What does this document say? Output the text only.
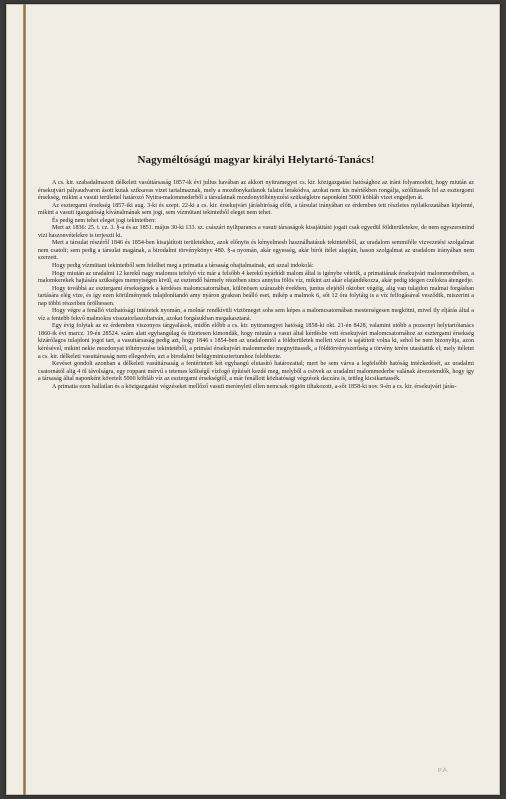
Nagyméltóságú magyar királyi Helytartó-Tanács!

A cs. kir. szabadalmazott délkeleti vasúttársaság 1857-ik évi julius havában az akkori nyitramegyei cs. kir. közigazgatási hatósághoz az iránt folyamodott, hogy miután az érsekujvári pályaudvaron ásott kutak sziksavas vizet tartalmaznak, mely a mozdonykatlanok falaira lerakódva, azokat nem kis mértékben rongálja, szólíttassék fel az esztergomi érsekség, mikint a vasuti területtel határozó Nyitra-malommederből a társulatnak mozdonytöltényezési szükségletre naponként 5000 köbláb vizet engedjen át.

Az esztergami érsekség 1857-iki aug. 3-ki és szept. 22-ki a cs. kir. érsekujvári járásbiróság előtt, a társulat irányában ez érdemben tett részletes nyilatkozatában kijelenté, mikint a vasuti igazgatóság kívánalmának sem jogi, sem vízmütani tekintetből eleget nem tehet.

És pedig nem tehet eleget jogi tekintetben:

Mert az 1836: 25. t. cz. 3. §-a és az 1851. május 30-ki 133. sz. császári nyiltparancs a vasuti társaságok kisajátitási jogait csak egyedül földterületekre, de nem egyszersmind vizi haszonvételekre is terjeszti ki.

Mert a társulat részéről 1846 és 1854-ben kisajátított területekhez, azok előnyös és kényelmesb használhatásuk tekintetéből, az uradalom semmiféle vizvezetési szolgalmat nem csatolt; sem pedig a társulat magának, a birodalmi törvénykönyv 480. §-a nyomán, akár egyesség, akár bírói ítélet alapján, hason szolgalmat az uradalom irányában nem szerzett.

Hogy pedig vízmütani tekintetből sem felelhet meg a primatia a társaság ohajtalmainak, azt azzal indokolá:

Hogy miután az uradalmi 12 kerekű nagy malomra tefolyó víz már a felsőbb 4 kerekű nyárhídi malom által is igénybe vétetik, a primatiának érsekujvári malommedrében, a malomkerekek hajtására szükséges mennyiségen kivül, az esztendő bármely részében sincs annyira fölös víz, mikint azt akár elajándékozza, akár pedig idegen czélokra átengedje.

Hogy továbbá az esztergami érsekségnek a kérdéses malomcsatornában, különösen szárazabb években, junius elejétől oktober végéig, alig van tulajdon malmai forgásban tartására elég vize, és így ezen körülménynek tulajdonítandó amy nyáron gyakran beálló eset, mikép a malmok 6, sőt 12 óra folytáig is a víz felfogásával vesződik, miszerint a nap többi részeiben őrölhessen.

Hogy végre a fenálló vizihatósági intézetek nyomán, a molnár rendkívüli viztömeget sohs sem képes a malomcsatornában mesterségesen megkötni, mivel ily eljárás által a víz a fentebb fekvő malmokra visszatorlaszoltatván, azokat forgásukban megakasztaná.

Egy évig folytak az ez érdemben viszonyos tárgyalások, midőn előbb a cs. kir. nyitramegyei hatóság 1858-ki okt. 21-én 8428, valamint utóbb a pozsonyi helytartótanács 1860-ik évi marcz. 19-én 28524. szám alatt egyhangúlag és tüzetesen kimondák, hogy miután a vasut által kérdésbe vett érsekujvári malomcsatornához az esztergami érsekség kizárólagos tulajdoni jogot tart, a vasuttársaság pedig azt, hogy 1846 s 1854-ben az uradalomtól a földterületek mellett vizet is sajátított volna ki, sehol be nem bizonyítja, azon kérésével, mikint nekie mozdonyai töltényezése tekintetéből, a primási érsekujvári malommeder megnyittassék, a földtörvényszerűség a törvény terére utasítattik el; mely itéletet a cs. kir. délkeleti vasuttársaság nem ellegedvén, azt a birodalmi belügyminiszteriumhoz felebbezte.

Kevéset gondolt azonban a délkeleti vasúttársaság a fentérintett két egyhangú elutasító határozattal; mert be sem várva a legfelsőbb hatóság intézkedését, az uradalmi csatornától alig 4 öl távolságra, egy roppant mérvű s tetemes költségű vízfogó építését kezdé meg, melyből a csövek az uradalmi malommederbe valának átvezetendők, hogy így a társaság által naponként követelt 5000 köbláb víz az esztergami érsekségtől, a már fenállott közhatósági végzések daczára is, tettleg kicsikartassék.

A primatia ezen hallatlan és a közigazgatási végzéseket mellőző vasuti merényleti ellen nemcsak rögtön tiltakozott, a-sőt 1858-ki nov. 9-én a cs. kir. érsekujvári járás-

P.A.
